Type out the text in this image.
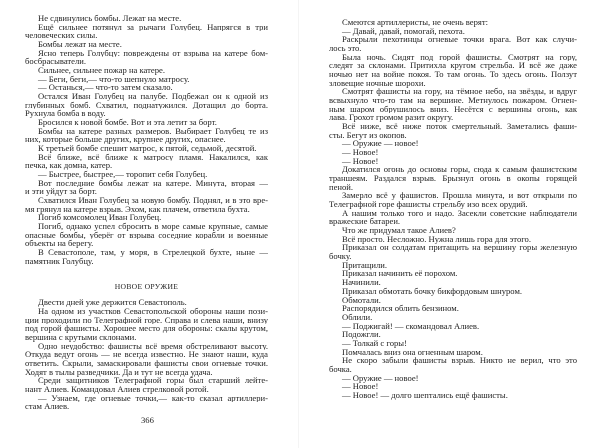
Не сдвинулись бомбы. Лежат на месте.
Ещё сильнее потянул за рычаги Голубец. Напрягся в три
человеческих силы.
Бомбы лежат на месте.
Ясно теперь Голубцу: повреждены от взрыва на катере бом-
босбрасыватели.
Сильнее, сильнее пожар на катере.
— Беги, беги,— что-то шепнуло матросу.
— Останься,— что-то затем сказало.
Остался Иван Голубец на палубе. Подбежал он к одной из
глубинных бомб. Схватил, поднатужился. Дотащил до борта.
Рухнула бомба в воду.
Бросился к новой бомбе. Вот и эта летит за борт.
Бомбы на катере разных размеров. Выбирает Голубец те из
них, которые больше других, крупнее других, опаснее.
К третьей бомбе спешит матрос, к пятой, седьмой, десятой.
Всё ближе, всё ближе к матросу пламя. Накалился, как
печка, как домна, катер.
— Быстрее, быстрее,— торопит себя Голубец.
Вот последние бомбы лежат на катере. Минута, вторая —
и эти уйдут за борт.
Схватился Иван Голубец за новую бомбу. Поднял, и в это вре-
мя грянул на катере взрыв. Эхом, как плачем, ответила бухта.
Погиб комсомолец Иван Голубец.
Погиб, однако успел сбросить в море самые крупные, самые
опасные бомбы, уберёг от взрыва соседние корабли и военные
объекты на берегу.
В Севастополе, там, у моря, в Стрелецкой бухте, ныне —
памятник Голубцу.
НОВОЕ ОРУЖИЕ
Двести дней уже держится Севастополь.
На одном из участков Севастопольской обороны наши пози-
ции проходили по Телеграфной горе. Справа и слева наши, внизу
под горой фашисты. Хорошее место для обороны: скалы крутом,
вершина с крутыми склонами.
Одно неудобство: фашисты всё время обстреливают высоту.
Откуда ведут огонь — не всегда известно. Не знают наши, куда
ответить. Скрыли, замаскировали фашисты свои огневые точки.
Ходят в тылы разведчики. Да и тут не всегда удача.
Среди защитников Телеграфной горы был старший лейте-
нант Алиев. Командовал Алиев стрелковой ротой.
— Узнаем, где огневые точки,— как-то сказал артиллери-
стам Алиев.
366
Смеются артиллеристы, не очень верят:
— Давай, давай, помогай, пехота.
Раскрыли пехотинцы огневые точки врага. Вот как случи-
лось это.
Была ночь. Сидят под горой фашисты. Смотрят на гору,
следят за склонами. Притихла кругом стрельба. И всё же даже
ночью нет на войне покоя. То там огонь. То здесь огонь. Ползут
зловещие ночные шорохи.
Смотрят фашисты на гору, на тёмное небо, на звёзды, и вдруг
всвыхнуло что-то там на вершине. Метнулось пожаром. Огнен-
ным шаром обрушилось вниз. Несётся с вершины огонь, как
лава. Грохот громом разит округу.
Всё ниже, всё ниже поток смертельный. Заметались фаши-
сты. Бегут из окопов.
— Оружие — новое!
— Новое!
— Новое!
Докатился огонь до основы горы, сюда к самым фашистским
траншеям. Раздался взрыв. Брызнул огонь в окопы горящей
пеной.
Замерло всё у фашистов. Прошла минута, и вот открыли по
Телеграфной горе фашисты стрельбу изо всех орудий.
А нашим только того и надо. Засекли советские наблюдатели
вражеские батареи.
Что же придумал такое Алиев?
Всё просто. Несложно. Нужна лишь гора для этого.
Приказал он солдатам притащить на вершину горы железную
бочку.
Притащили.
Приказал начинить её порохом.
Начинили.
Приказал обмотать бочку бикфордовым шнуром.
Обмотали.
Распорядился облить бензином.
Облили.
— Поджигай! — скомандовал Алиев.
Подожгли.
— Толкай с горы!
Помчалась вниз она огненным шаром.
Не скоро забыли фашисты взрыв. Никто не верил, что это
бочка.
— Оружие — новое!
— Новое!
— Новое! — долго шептались ещё фашисты.
